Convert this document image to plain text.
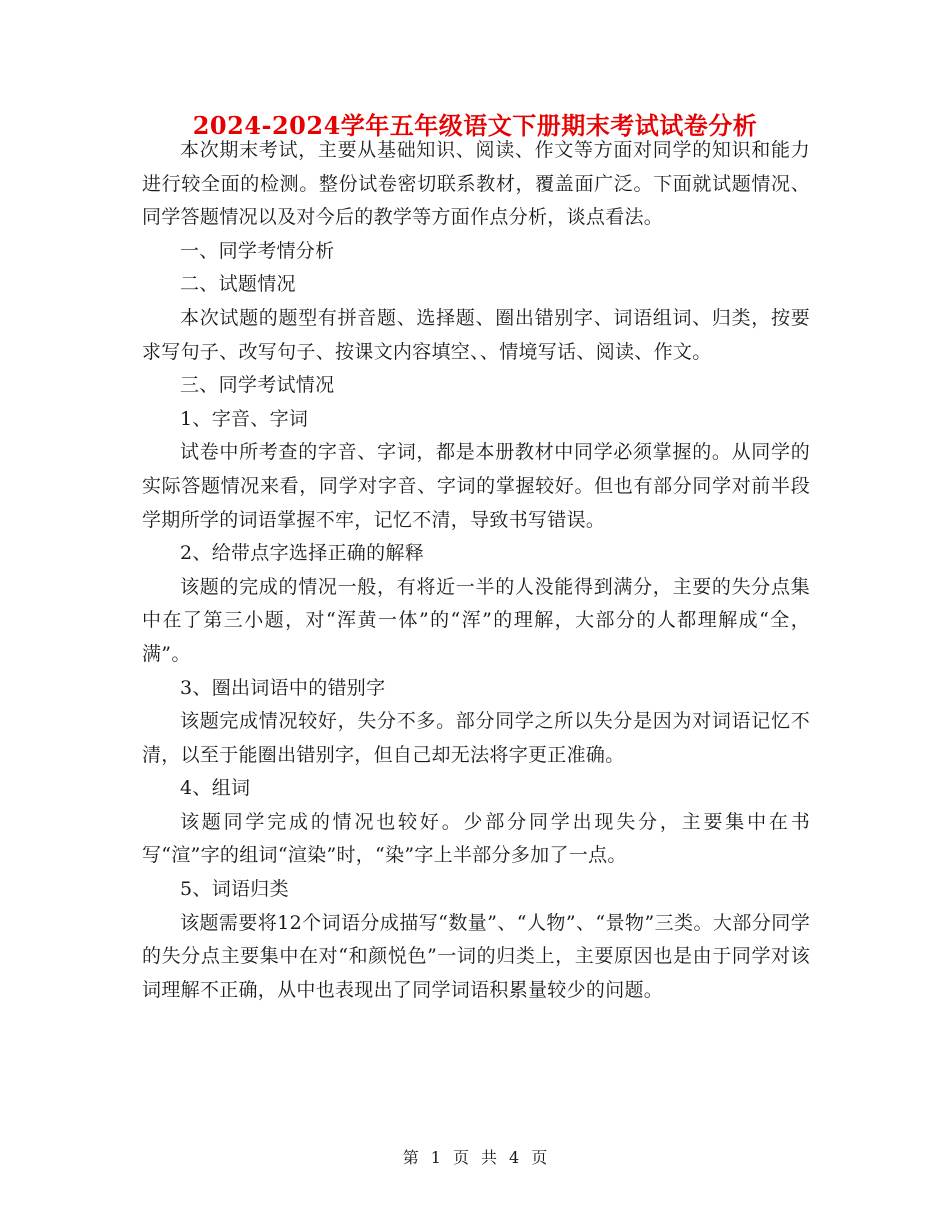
2024-2024学年五年级语文下册期末考试试卷分析

本次期末考试，主要从基础知识、阅读、作文等方面对同学的知识和能力进行较全面的检测。整份试卷密切联系教材，覆盖面广泛。下面就试题情况、同学答题情况以及对今后的教学等方面作点分析，谈点看法。

一、同学考情分析

二、试题情况

本次试题的题型有拼音题、选择题、圈出错别字、词语组词、归类，按要求写句子、改写句子、按课文内容填空、、情境写话、阅读、作文。

三、同学考试情况

1、字音、字词

试卷中所考查的字音、字词，都是本册教材中同学必须掌握的。从同学的实际答题情况来看，同学对字音、字词的掌握较好。但也有部分同学对前半段学期所学的词语掌握不牢，记忆不清，导致书写错误。

2、给带点字选择正确的解释

该题的完成的情况一般，有将近一半的人没能得到满分，主要的失分点集中在了第三小题，对“浑黄一体”的“浑”的理解，大部分的人都理解成“全，满”。

3、圈出词语中的错别字

该题完成情况较好，失分不多。部分同学之所以失分是因为对词语记忆不清，以至于能圈出错别字，但自己却无法将字更正准确。

4、组词

该题同学完成的情况也较好。少部分同学出现失分，主要集中在书写“渲”字的组词“渲染”时，“染”字上半部分多加了一点。

5、词语归类

该题需要将12个词语分成描写“数量”、“人物”、“景物”三类。大部分同学的失分点主要集中在对“和颜悦色”一词的归类上，主要原因也是由于同学对该词理解不正确，从中也表现出了同学词语积累量较少的问题。

第 1 页 共 4 页
